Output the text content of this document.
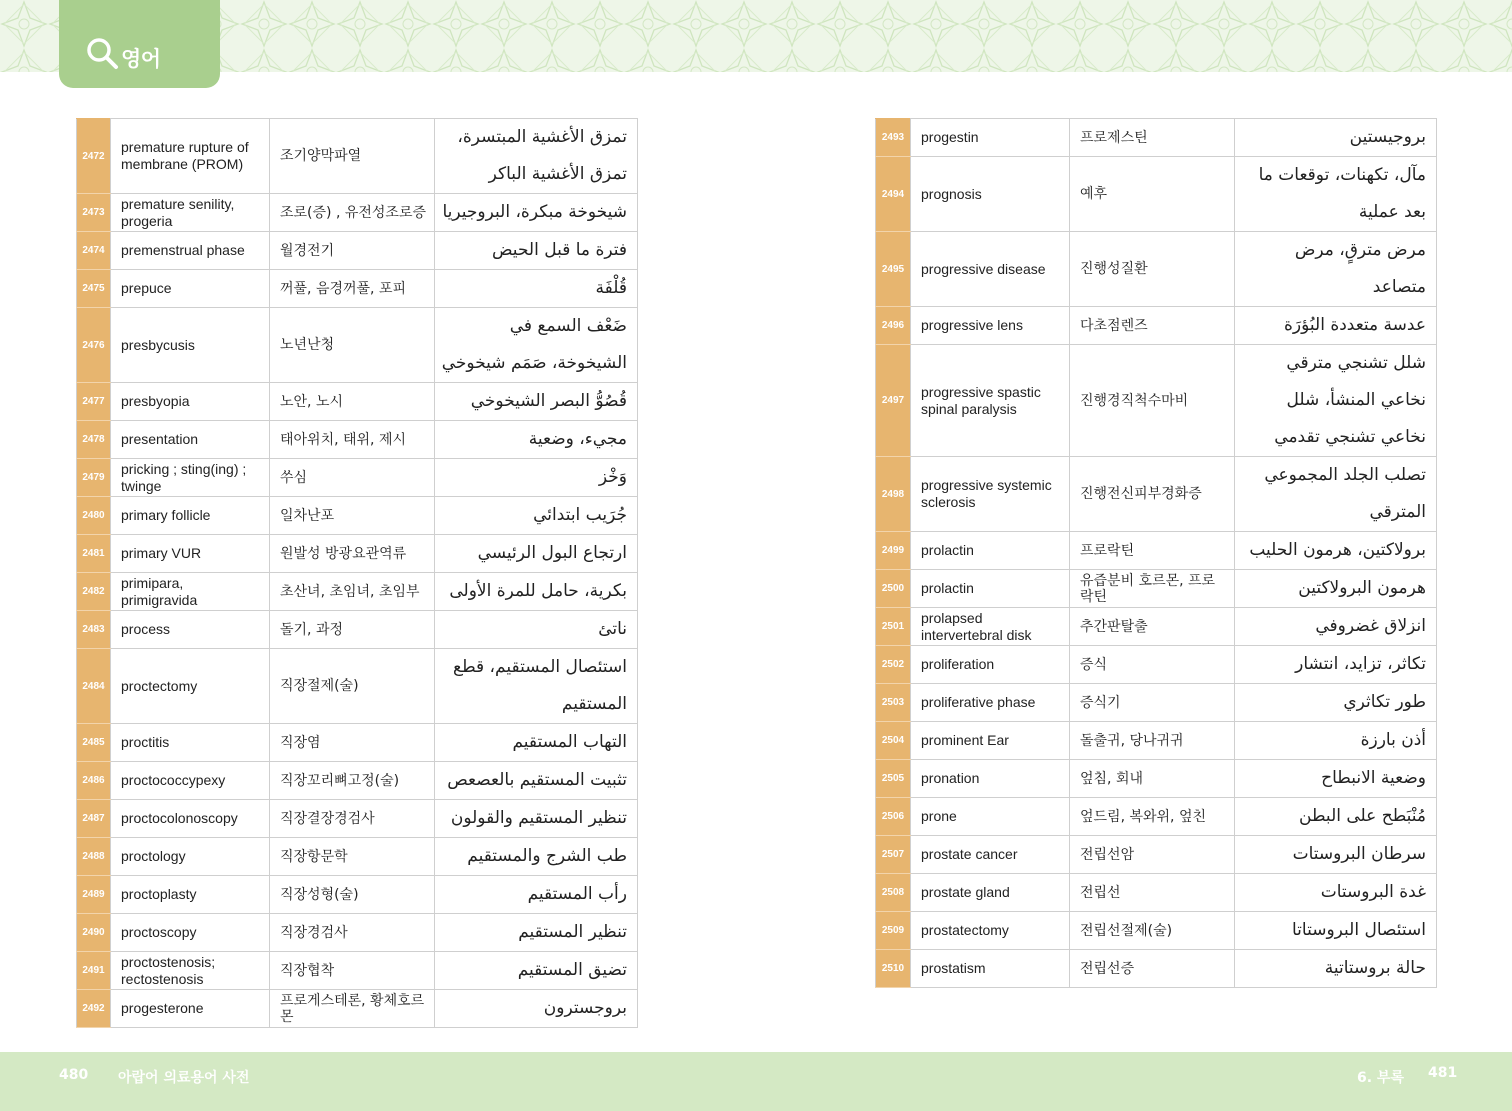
영어
2472	premature rupture of membrane (PROM)	조기양막파열	تمزق الأغشية المبتسرة، تمزق الأغشية الباكر
2473	premature senility, progeria	조로(증) , 유전성조로증	شيخوخة مبكرة، البروجيريا
2474	premenstrual phase	월경전기	فترة ما قبل الحيض
2475	prepuce	꺼풀, 음경꺼풀, 포피	قُلْفَة
2476	presbycusis	노년난청	ضَعْف السمع في الشيخوخة، صَمَم شيخوخي
2477	presbyopia	노안, 노시	قُصُوُّ البصر الشيخوخي
2478	presentation	태아위치, 태위, 제시	مجيء، وضعية
2479	pricking ; sting(ing) ; twinge	쑤심	وَخْز
2480	primary follicle	일차난포	جُرَيب ابتدائي
2481	primary VUR	원발성 방광요관역류	ارتجاع البول الرئيسي
2482	primipara, primigravida	초산녀, 초임녀, 초임부	بكرية، حامل للمرة الأولى
2483	process	돌기, 과정	ناتئ
2484	proctectomy	직장절제(술)	استئصال المستقيم، قطع المستقيم
2485	proctitis	직장염	التهاب المستقيم
2486	proctococcypexy	직장꼬리뼈고정(술)	تثبيت المستقيم بالعصعص
2487	proctocolonoscopy	직장결장경검사	تنظير المستقيم والقولون
2488	proctology	직장항문학	طب الشرج والمستقيم
2489	proctoplasty	직장성형(술)	رأب المستقيم
2490	proctoscopy	직장경검사	تنظير المستقيم
2491	proctostenosis; rectostenosis	직장협착	تضيق المستقيم
2492	progesterone	프로게스테론, 황체호르몬	بروجسترون
2493	progestin	프로제스틴	بروجيستين
2494	prognosis	예후	مآل، تكهنات، توقعات ما بعد عملية
2495	progressive disease	진행성질환	مرض مترقٍ، مرض متصاعد
2496	progressive lens	다초점렌즈	عدسة متعددة البُؤرَة
2497	progressive spastic spinal paralysis	진행경직척수마비	شلل تشنجي مترقي نخاعي المنشأ، شلل نخاعي تشنجي تقدمي
2498	progressive systemic sclerosis	진행전신피부경화증	تصلب الجلد المجموعي المترقي
2499	prolactin	프로락틴	برولاكتين، هرمون الحليب
2500	prolactin	유즙분비 호르몬, 프로락틴	هرمون البرولاكتين
2501	prolapsed intervertebral disk	추간판탈출	انزلاق غضروفي
2502	proliferation	증식	تكاثر، تزايد، انتشار
2503	proliferative phase	증식기	طور تكاثري
2504	prominent Ear	돌출귀, 당나귀귀	أذن بارزة
2505	pronation	엎침, 회내	وضعية الانبطاح
2506	prone	엎드림, 복와위, 엎친	مُنْبَطح على البطن
2507	prostate cancer	전립선암	سرطان البروستات
2508	prostate gland	전립선	غدة البروستات
2509	prostatectomy	전립선절제(술)	استئصال البروستاتا
2510	prostatism	전립선증	حالة بروستاتية
480 아랍어 의료용어 사전	6. 부록 481
